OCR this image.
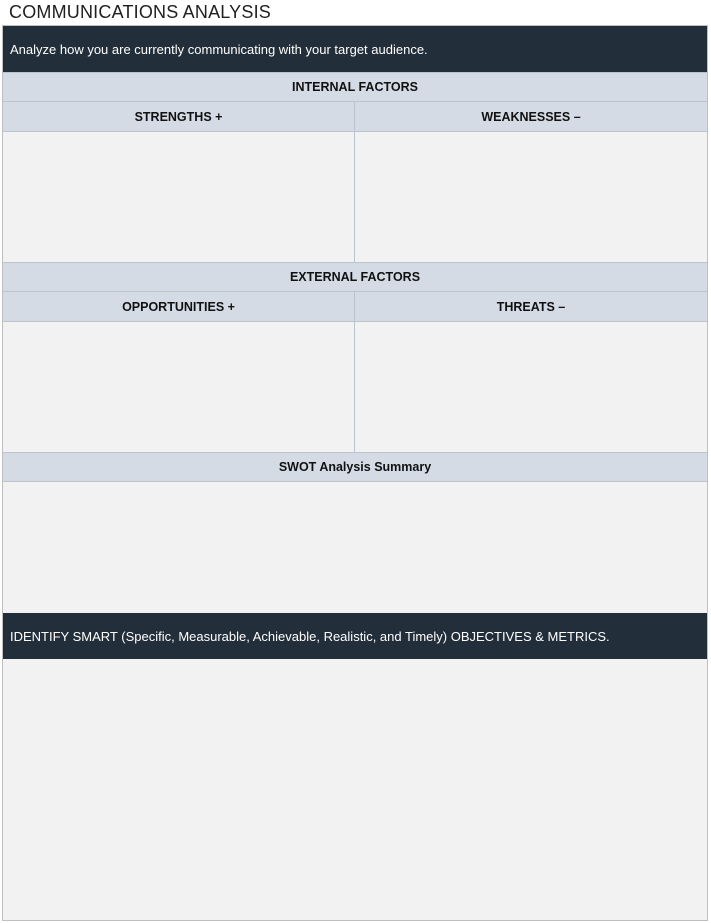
COMMUNICATIONS ANALYSIS
Analyze how you are currently communicating with your target audience.
INTERNAL FACTORS
STRENGTHS +	WEAKNESSES –
EXTERNAL FACTORS
OPPORTUNITIES +	THREATS –
SWOT Analysis Summary
IDENTIFY SMART (Specific, Measurable, Achievable, Realistic, and Timely) OBJECTIVES & METRICS.
